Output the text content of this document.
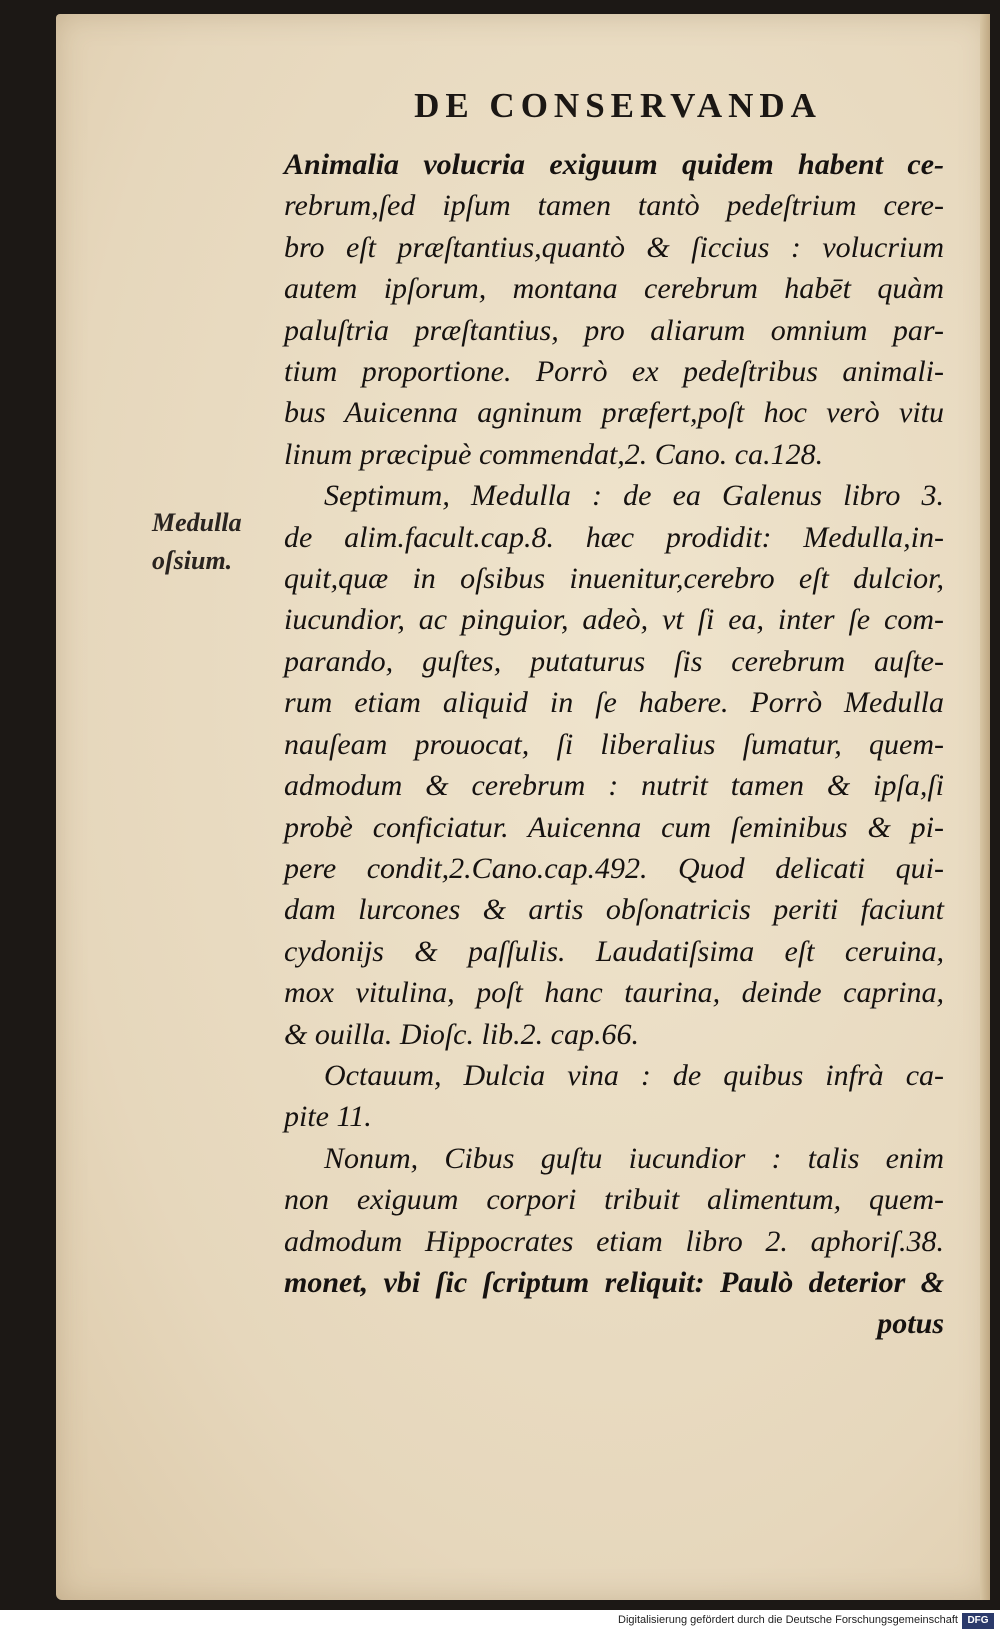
DE CONSERVANDA
Medulla
oſsium.
Animalia volucria exiguum quidem habent ce-
rebrum,ſed ipſum tamen tantò pedeſtrium cere-
bro eſt præſtantius,quantò & ſiccius : volucrium
autem ipſorum, montana cerebrum habēt quàm
paluſtria præſtantius, pro aliarum omnium par-
tium proportione. Porrò ex pedeſtribus animali-
bus Auicenna agninum præfert,poſt hoc verò vitu
linum præcipuè commendat,2. Cano. ca.128.
Septimum, Medulla : de ea Galenus libro 3.
de alim.facult.cap.8. hæc prodidit: Medulla,in-
quit,quæ in oſsibus inuenitur,cerebro eſt dulcior,
iucundior, ac pinguior, adeò, vt ſi ea, inter ſe com-
parando, guſtes, putaturus ſis cerebrum auſte-
rum etiam aliquid in ſe habere. Porrò Medulla
nauſeam prouocat, ſi liberalius ſumatur, quem-
admodum & cerebrum : nutrit tamen & ipſa,ſi
probè conficiatur. Auicenna cum ſeminibus & pi-
pere condit,2.Cano.cap.492. Quod delicati qui-
dam lurcones & artis obſonatricis periti faciunt
cydonijs & paſſulis. Laudatiſsima eſt ceruina,
mox vitulina, poſt hanc taurina, deinde caprina,
& ouilla. Dioſc. lib.2. cap.66.
Octauum, Dulcia vina : de quibus infrà ca-
pite 11.
Nonum, Cibus guſtu iucundior : talis enim
non exiguum corpori tribuit alimentum, quem-
admodum Hippocrates etiam libro 2. aphoriſ.38.
monet, vbi ſic ſcriptum reliquit: Paulò deterior &
potus
Digitalisierung gefördert durch die Deutsche Forschungsgemeinschaft DFG
